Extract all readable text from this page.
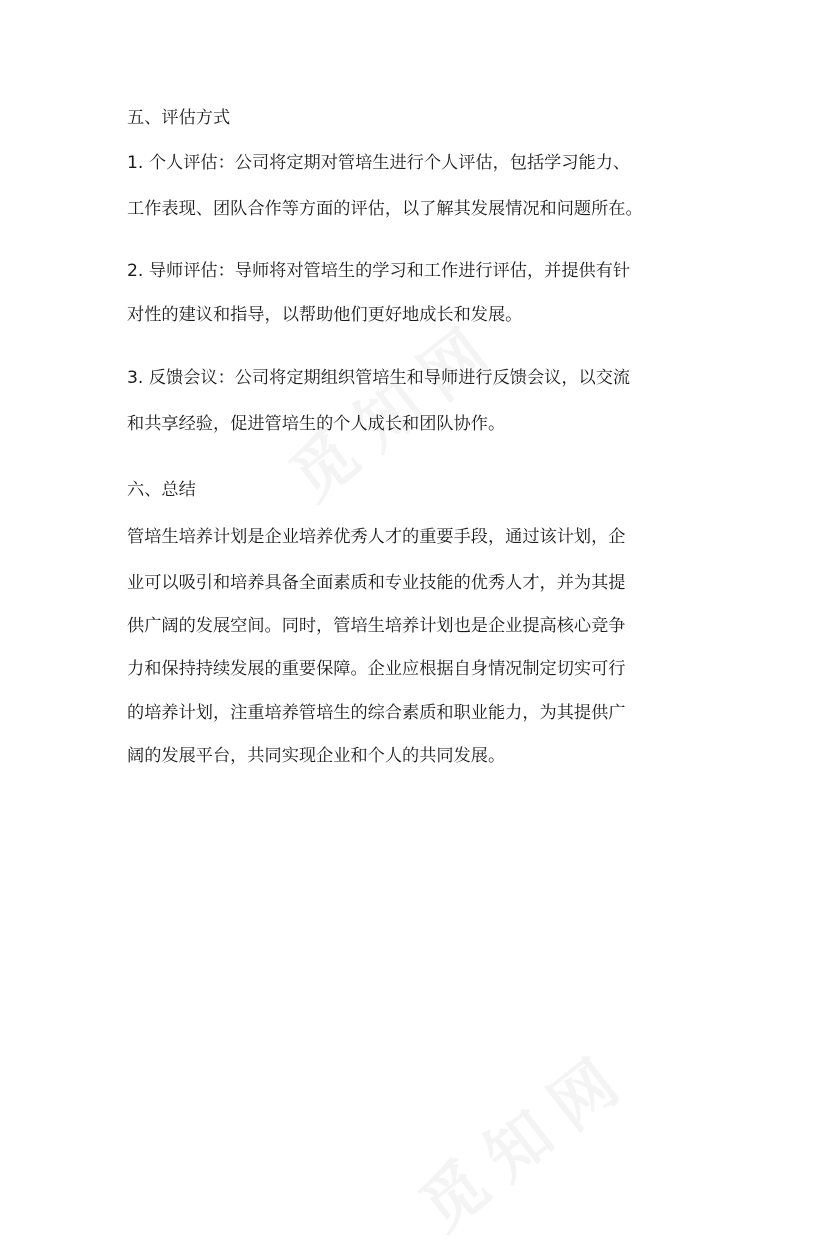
五、评估方式
1. 个人评估：公司将定期对管培生进行个人评估，包括学习能力、
工作表现、团队合作等方面的评估，以了解其发展情况和问题所在。
2. 导师评估：导师将对管培生的学习和工作进行评估，并提供有针
对性的建议和指导，以帮助他们更好地成长和发展。
3. 反馈会议：公司将定期组织管培生和导师进行反馈会议，以交流
和共享经验，促进管培生的个人成长和团队协作。
六、总结
管培生培养计划是企业培养优秀人才的重要手段，通过该计划，企
业可以吸引和培养具备全面素质和专业技能的优秀人才，并为其提
供广阔的发展空间。同时，管培生培养计划也是企业提高核心竞争
力和保持持续发展的重要保障。企业应根据自身情况制定切实可行
的培养计划，注重培养管培生的综合素质和职业能力，为其提供广
阔的发展平台，共同实现企业和个人的共同发展。
